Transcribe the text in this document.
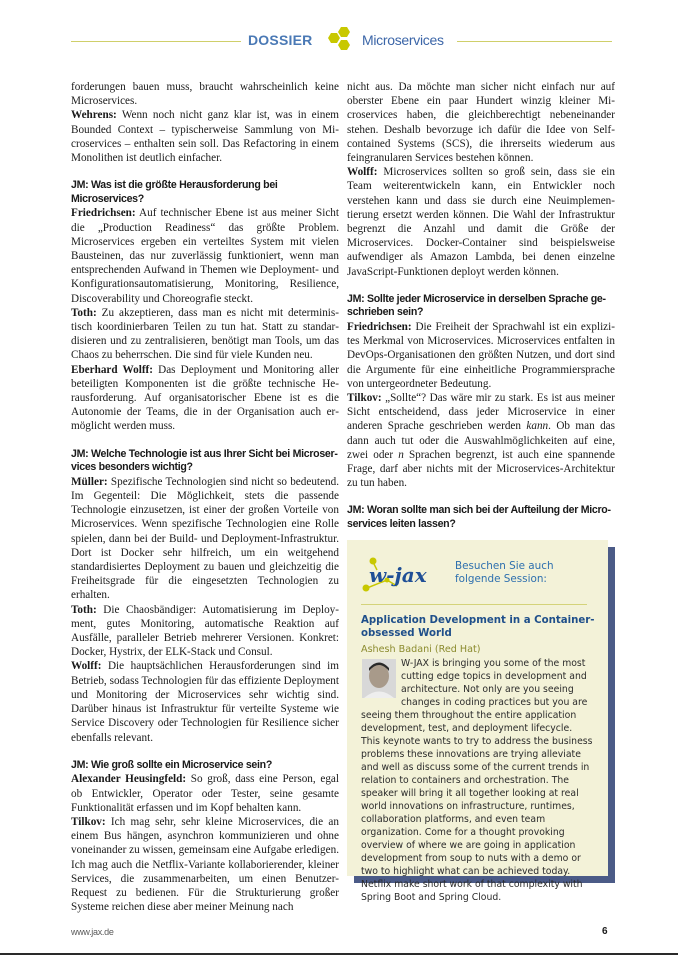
DOSSIER	Microservices

forderungen bauen muss, braucht wahrscheinlich keine Microservices.

Wehrens: Wenn noch nicht ganz klar ist, was in einem Bounded Context – typischerweise Sammlung von Microservices – enthalten sein soll. Das Refactoring in einem Monolithen ist deutlich einfacher.

JM: Was ist die größte Herausforderung bei Microservices?

Friedrichsen: Auf technischer Ebene ist aus meiner Sicht die „Production Readiness“ das größte Problem. Microservices ergeben ein verteiltes System mit vielen Bausteinen, das nur zuverlässig funktioniert, wenn man entsprechenden Aufwand in Themen wie Deployment- und Konfigurationsautomatisierung, Monitoring, Resilience, Discoverability und Choreografie steckt.

Toth: Zu akzeptieren, dass man es nicht mit deterministisch koordinierbaren Teilen zu tun hat. Statt zu standardisieren und zu zentralisieren, benötigt man Tools, um das Chaos zu beherrschen. Die sind für viele Kunden neu.

Eberhard Wolff: Das Deployment und Monitoring aller beteiligten Komponenten ist die größte technische Herausforderung. Auf organisatorischer Ebene ist es die Autonomie der Teams, die in der Organisation auch ermöglicht werden muss.

JM: Welche Technologie ist aus Ihrer Sicht bei Microservices besonders wichtig?

Müller: Spezifische Technologien sind nicht so bedeutend. Im Gegenteil: Die Möglichkeit, stets die passende Technologie einzusetzen, ist einer der großen Vorteile von Microservices. Wenn spezifische Technologien eine Rolle spielen, dann bei der Build- und Deployment-Infrastruktur. Dort ist Docker sehr hilfreich, um ein weitgehend standardisiertes Deployment zu bauen und gleichzeitig die Freiheitsgrade für die eingesetzten Technologien zu erhalten.

Toth: Die Chaosbändiger: Automatisierung im Deployment, gutes Monitoring, automatische Reaktion auf Ausfälle, paralleler Betrieb mehrerer Versionen. Konkret: Docker, Hystrix, der ELK-Stack und Consul.

Wolff: Die hauptsächlichen Herausforderungen sind im Betrieb, sodass Technologien für das effiziente Deployment und Monitoring der Microservices sehr wichtig sind. Darüber hinaus ist Infrastruktur für verteilte Systeme wie Service Discovery oder Technologien für Resilience sicher ebenfalls relevant.

JM: Wie groß sollte ein Microservice sein?

Alexander Heusingfeld: So groß, dass eine Person, egal ob Entwickler, Operator oder Tester, seine gesamte Funktionalität erfassen und im Kopf behalten kann.

Tilkov: Ich mag sehr, sehr kleine Microservices, die an einem Bus hängen, asynchron kommunizieren und ohne voneinander zu wissen, gemeinsam eine Aufgabe erledigen. Ich mag auch die Netflix-Variante kollaborierender, kleiner Services, die zusammenarbeiten, um einen Benutzer-Request zu bedienen. Für die Strukturierung großer Systeme reichen diese aber meiner Meinung nach

nicht aus. Da möchte man sicher nicht einfach nur auf oberster Ebene ein paar Hundert winzig kleiner Microservices haben, die gleichberechtigt nebeneinander stehen. Deshalb bevorzuge ich dafür die Idee von Self-contained Systems (SCS), die ihrerseits wiederum aus feingranularen Services bestehen können.

Wolff: Microservices sollten so groß sein, dass sie ein Team weiterentwickeln kann, ein Entwickler noch verstehen kann und dass sie durch eine Neuimplementierung ersetzt werden können. Die Wahl der Infrastruktur begrenzt die Anzahl und damit die Größe der Microservices. Docker-Container sind beispielsweise aufwendiger als Amazon Lambda, bei denen einzelne JavaScript-Funktionen deployt werden können.

JM: Sollte jeder Microservice in derselben Sprache geschrieben sein?

Friedrichsen: Die Freiheit der Sprachwahl ist ein explizites Merkmal von Microservices. Microservices entfalten in DevOps-Organisationen den größten Nutzen, und dort sind die Argumente für eine einheitliche Programmiersprache von untergeordneter Bedeutung.

Tilkov: „Sollte“? Das wäre mir zu stark. Es ist aus meiner Sicht entscheidend, dass jeder Microservice in einer anderen Sprache geschrieben werden kann. Ob man das dann auch tut oder die Auswahlmöglichkeiten auf eine, zwei oder n Sprachen begrenzt, ist auch eine spannende Frage, darf aber nichts mit der Microservices-Architektur zu tun haben.

JM: Woran sollte man sich bei der Aufteilung der Microservices leiten lassen?

w-jax	Besuchen Sie auch
folgende Session:
Application Development in a Container-obsessed World
Ashesh Badani (Red Hat)
W-JAX is bringing you some of the most cutting edge topics in development and architecture. Not only are you seeing changes in coding practices but you are seeing them throughout the entire application development, test, and deployment lifecycle. This keynote wants to try to address the business problems these innovations are trying alleviate and well as discuss some of the current trends in relation to containers and orchestration. The speaker will bring it all together looking at real world innovations on infrastructure, runtimes, collaboration platforms, and even team organization. Come for a thought provoking overview of where we are going in application development from soup to nuts with a demo or two to highlight what can be achieved today. Netflix make short work of that complexity with Spring Boot and Spring Cloud.
www.jax.de	6
